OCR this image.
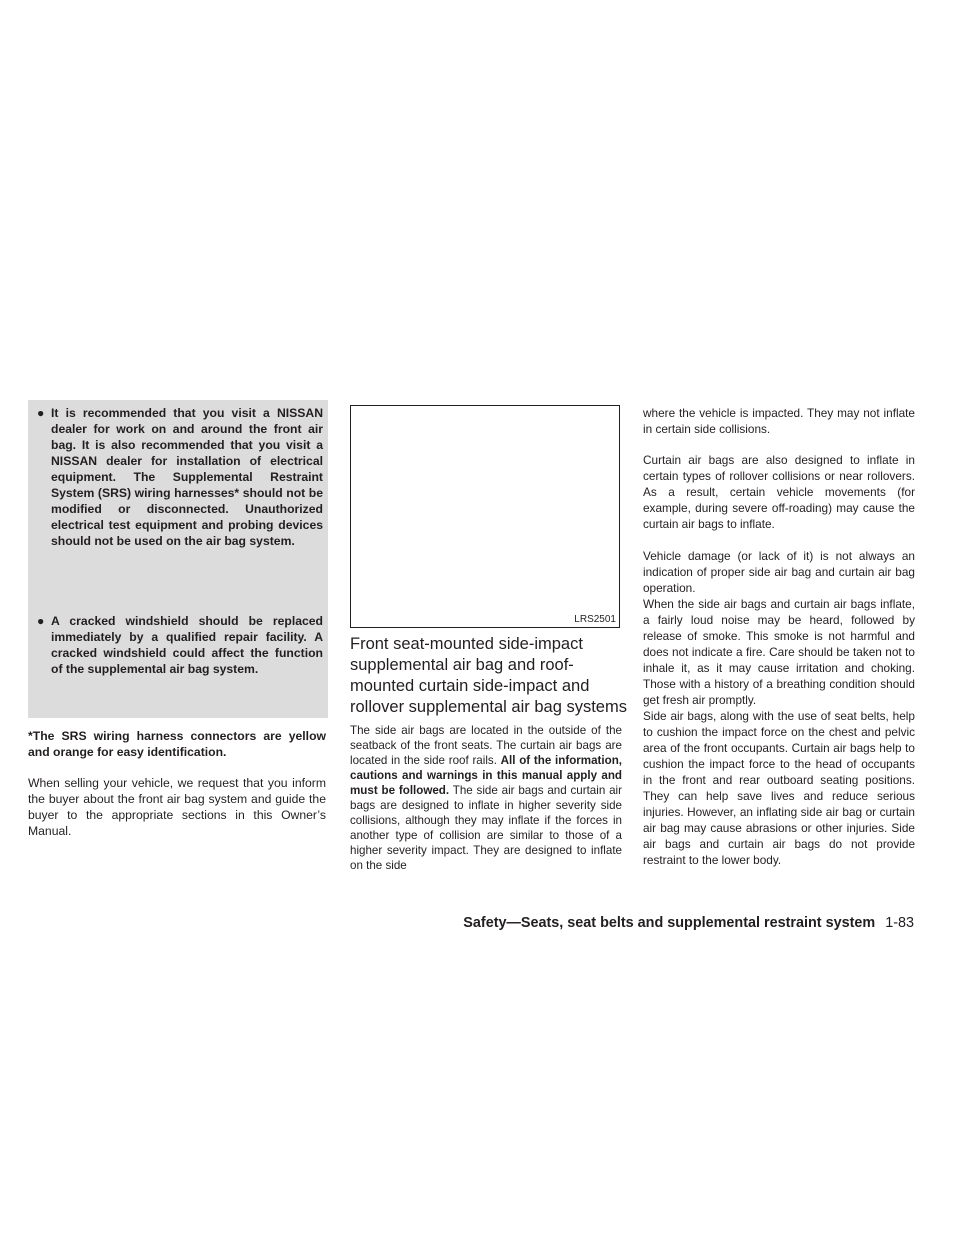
● It is recommended that you visit a NISSAN dealer for work on and around the front air bag. It is also recommended that you visit a NISSAN dealer for installation of electrical equipment. The Supplemental Restraint System (SRS) wiring harnesses* should not be modified or disconnected. Unauthorized electrical test equipment and probing devices should not be used on the air bag system.
● A cracked windshield should be replaced immediately by a qualified repair facility. A cracked windshield could affect the function of the supplemental air bag system.
*The SRS wiring harness connectors are yellow and orange for easy identification.
When selling your vehicle, we request that you inform the buyer about the front air bag system and guide the buyer to the appropriate sections in this Owner’s Manual.
LRS2501
Front seat-mounted side-impact supplemental air bag and roof-mounted curtain side-impact and rollover supplemental air bag systems
The side air bags are located in the outside of the seatback of the front seats. The curtain air bags are located in the side roof rails. All of the information, cautions and warnings in this manual apply and must be followed. The side air bags and curtain air bags are designed to inflate in higher severity side collisions, although they may inflate if the forces in another type of collision are similar to those of a higher severity impact. They are designed to inflate on the side
where the vehicle is impacted. They may not inflate in certain side collisions.
Curtain air bags are also designed to inflate in certain types of rollover collisions or near rollovers. As a result, certain vehicle movements (for example, during severe off-roading) may cause the curtain air bags to inflate.
Vehicle damage (or lack of it) is not always an indication of proper side air bag and curtain air bag operation.
When the side air bags and curtain air bags inflate, a fairly loud noise may be heard, followed by release of smoke. This smoke is not harmful and does not indicate a fire. Care should be taken not to inhale it, as it may cause irritation and choking. Those with a history of a breathing condition should get fresh air promptly.
Side air bags, along with the use of seat belts, help to cushion the impact force on the chest and pelvic area of the front occupants. Curtain air bags help to cushion the impact force to the head of occupants in the front and rear outboard seating positions. They can help save lives and reduce serious injuries. However, an inflating side air bag or curtain air bag may cause abrasions or other injuries. Side air bags and curtain air bags do not provide restraint to the lower body.
Safety—Seats, seat belts and supplemental restraint system 1-83
